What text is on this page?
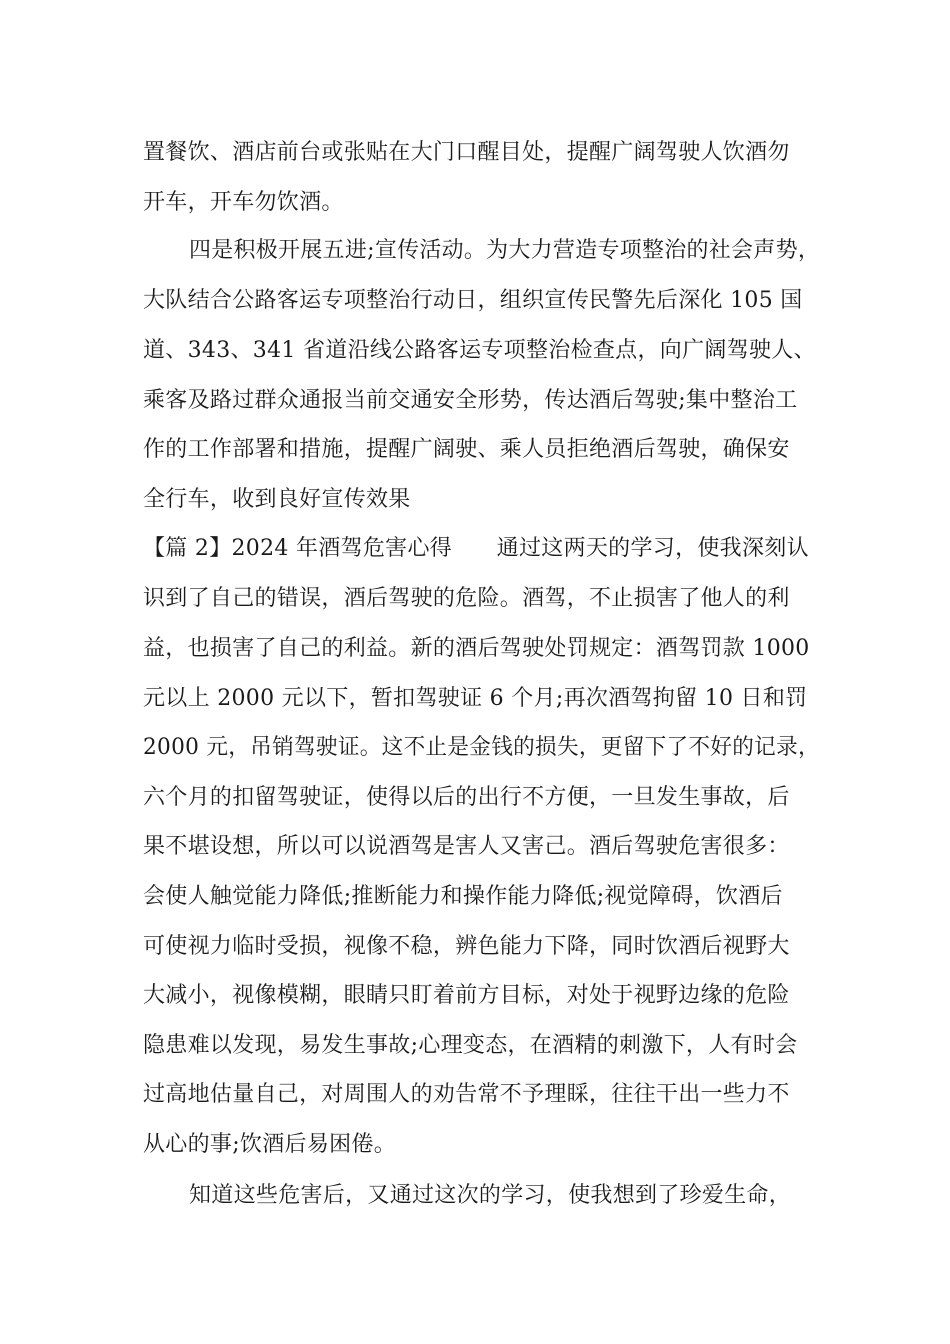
置餐饮、酒店前台或张贴在大门口醒目处，提醒广阔驾驶人饮酒勿
开车，开车勿饮酒。
四是积极开展五进;宣传活动。为大力营造专项整治的社会声势，
大队结合公路客运专项整治行动日，组织宣传民警先后深化 105 国
道、343、341 省道沿线公路客运专项整治检查点，向广阔驾驶人、
乘客及路过群众通报当前交通安全形势，传达酒后驾驶;集中整治工
作的工作部署和措施，提醒广阔驶、乘人员拒绝酒后驾驶，确保安
全行车，收到良好宣传效果
【篇 2】2024 年酒驾危害心得　　通过这两天的学习，使我深刻认
识到了自己的错误，酒后驾驶的危险。酒驾，不止损害了他人的利
益，也损害了自己的利益。新的酒后驾驶处罚规定：酒驾罚款 1000
元以上 2000 元以下，暂扣驾驶证 6 个月;再次酒驾拘留 10 日和罚
2000 元，吊销驾驶证。这不止是金钱的损失，更留下了不好的记录，
六个月的扣留驾驶证，使得以后的出行不方便，一旦发生事故，后
果不堪设想，所以可以说酒驾是害人又害己。酒后驾驶危害很多：
会使人触觉能力降低;推断能力和操作能力降低;视觉障碍，饮酒后
可使视力临时受损，视像不稳，辨色能力下降，同时饮酒后视野大
大减小，视像模糊，眼睛只盯着前方目标，对处于视野边缘的危险
隐患难以发现，易发生事故;心理变态，在酒精的刺激下，人有时会
过高地估量自己，对周围人的劝告常不予理睬，往往干出一些力不
从心的事;饮酒后易困倦。
知道这些危害后，又通过这次的学习，使我想到了珍爱生命，
